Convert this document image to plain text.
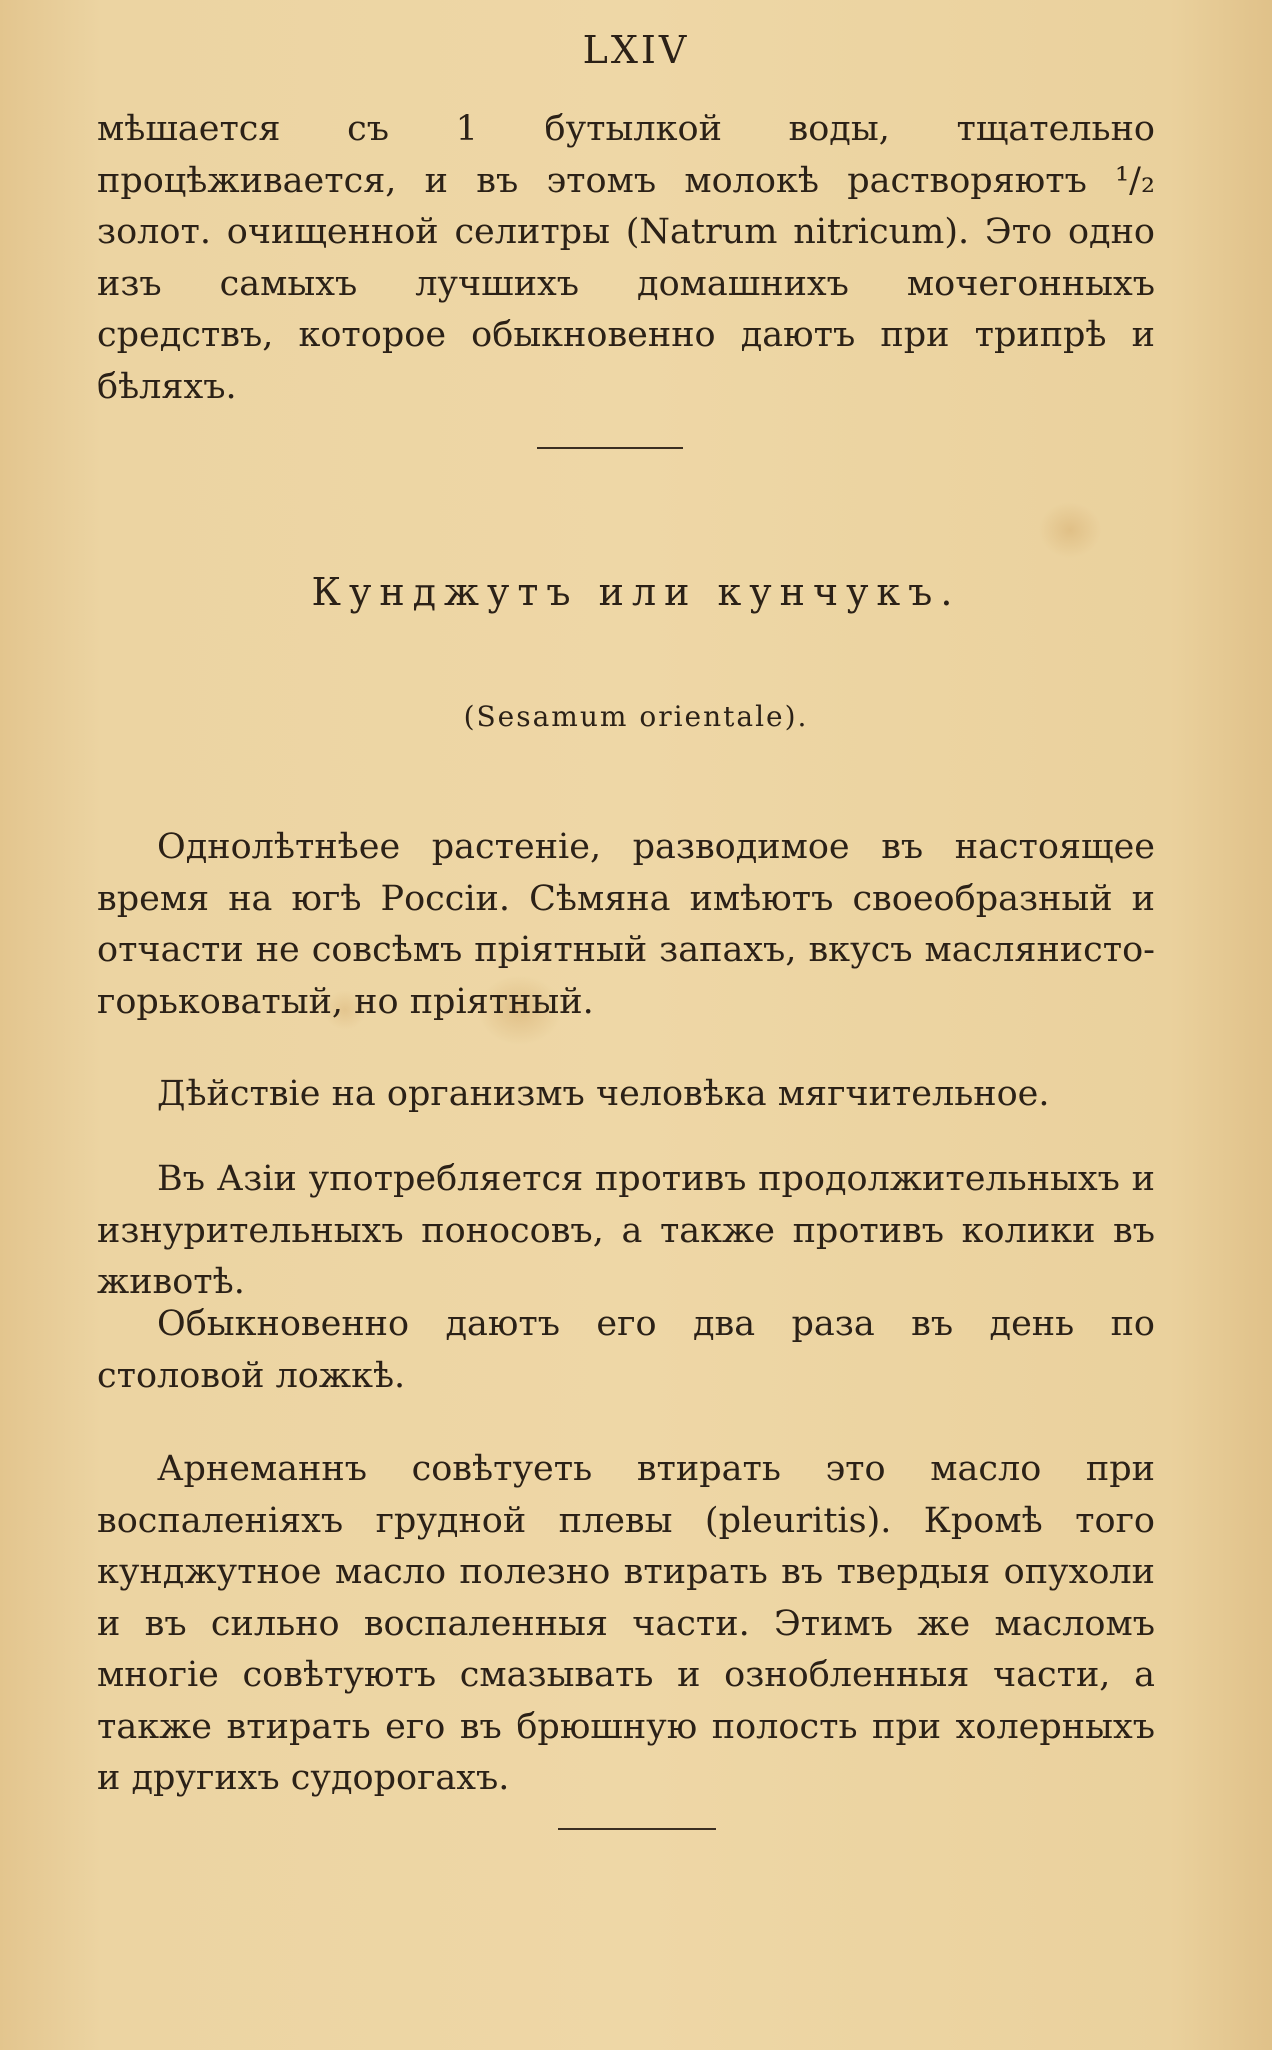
LXIV
мѣшается съ 1 бутылкой воды, тщательно процѣживается, и въ этомъ молокѣ растворяютъ ¹/₂ золот. очищенной селитры (Natrum nitricum). Это одно изъ самыхъ лучшихъ домашнихъ мочегонныхъ средствъ, которое обыкновенно даютъ при трипрѣ и бѣляхъ.
Кунджутъ или кунчукъ.
(Sesamum orientale).
Однолѣтнѣее растеніе, разводимое въ настоящее время на югѣ Россіи. Сѣмяна имѣютъ своеобразный и отчасти не совсѣмъ пріятный запахъ, вкусъ маслянисто-горьковатый, но пріятный.
Дѣйствіе на организмъ человѣка мягчительное.
Въ Азіи употребляется противъ продолжительныхъ и изнурительныхъ поносовъ, а также противъ колики въ животѣ.
Обыкновенно даютъ его два раза въ день по столовой ложкѣ.
Арнеманнъ совѣтуеть втирать это масло при воспаленіяхъ грудной плевы (pleuritis). Кромѣ того кунджутное масло полезно втирать въ твердыя опухоли и въ сильно воспаленныя части. Этимъ же масломъ многіе совѣтуютъ смазывать и ознобленныя части, а также втирать его въ брюшную полость при холерныхъ и другихъ судорогахъ.
